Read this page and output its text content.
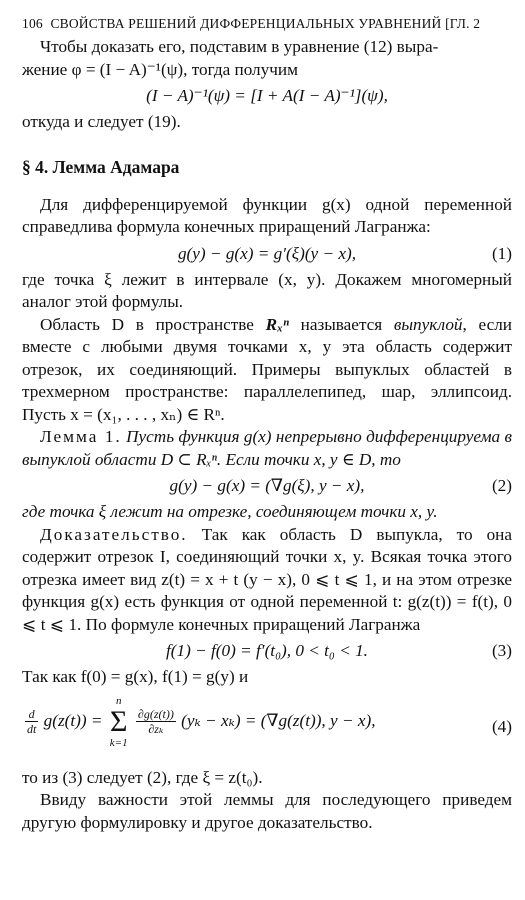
106 СВОЙСТВА РЕШЕНИЙ ДИФФЕРЕНЦИАЛЬНЫХ УРАВНЕНИЙ [ГЛ. 2

Чтобы доказать его, подставим в уравнение (12) выра-
жение φ = (I − A)⁻¹(ψ), тогда получим

(I − A)⁻¹(ψ) = [I + A(I − A)⁻¹](ψ),

откуда и следует (19).

§ 4. Лемма Адамара

Для дифференцируемой функции g(x) одной переменной справедлива формула конечных приращений Лагранжа:

g(y) − g(x) = g′(ξ)(y − x),	(1)

где точка ξ лежит в интервале (x, y). Докажем многомерный аналог этой формулы.

Область D в пространстве Rₓⁿ называется выпуклой, если вместе с любыми двумя точками x, y эта область содержит отрезок, их соединяющий. Примеры выпуклых областей в трехмерном пространстве: параллелепипед, шар, эллипсоид. Пусть x = (x₁, . . . , xₙ) ∈ Rⁿ.

Лемма 1. Пусть функция g(x) непрерывно дифференцируема в выпуклой области D ⊂ Rₓⁿ. Если точки x, y ∈ D, то

g(y) − g(x) = (∇g(ξ), y − x),	(2)

где точка ξ лежит на отрезке, соединяющем точки x, y.

Доказательство. Так как область D выпукла, то она содержит отрезок I, соединяющий точки x, y. Всякая точка этого отрезка имеет вид z(t) = x + t (y − x), 0 ⩽ t ⩽ 1, и на этом отрезке функция g(x) есть функция от одной переменной t: g(z(t)) = f(t), 0 ⩽ t ⩽ 1. По формуле конечных приращений Лагранжа

f(1) − f(0) = f′(t₀), 0 < t₀ < 1.	(3)

Так как f(0) = g(x), f(1) = g(y) и

$\frac{d}{dt} g(z(t))$ =
n
Σ
k=1

$\frac{\partial g(z(t))}{\text{∂zₖ}} (y_k - x_k) = (\nabla g(z(t))$, y − x),	(4)

то из (3) следует (2), где ξ = z(t₀).

Ввиду важности этой леммы для последующего приведем другую формулировку и другое доказательство.
